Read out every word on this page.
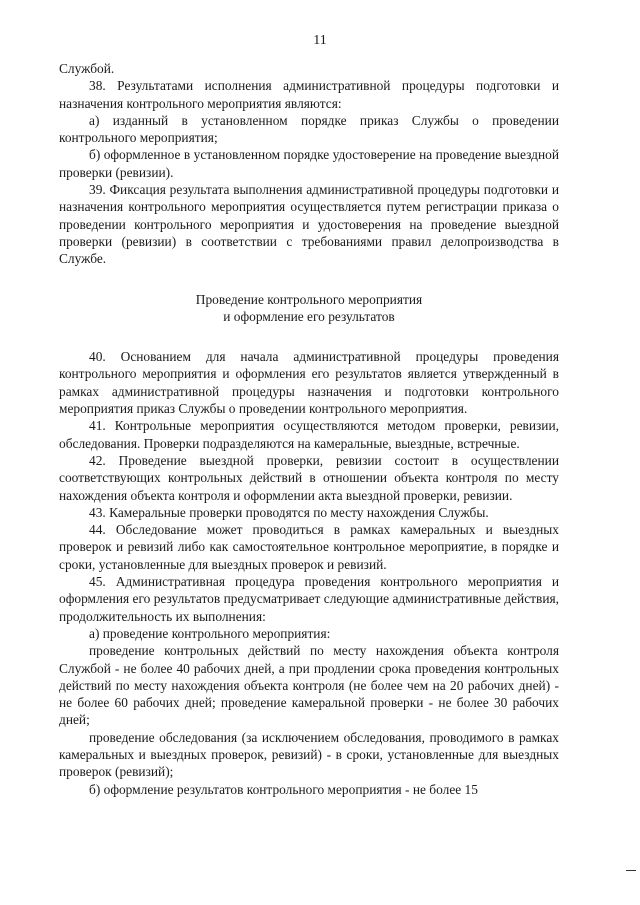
11

Службой.

38. Результатами исполнения административной процедуры подготовки и назначения контрольного мероприятия являются:

а) изданный в установленном порядке приказ Службы о проведении контрольного мероприятия;

б) оформленное в установленном порядке удостоверение на проведение выездной проверки (ревизии).

39. Фиксация результата выполнения административной процедуры подготовки и назначения контрольного мероприятия осуществляется путем регистрации приказа о проведении контрольного мероприятия и удостоверения на проведение выездной проверки (ревизии) в соответствии с требованиями правил делопроизводства в Службе.

Проведение контрольного мероприятия
и оформление его результатов

40. Основанием для начала административной процедуры проведения контрольного мероприятия и оформления его результатов является утвержденный в рамках административной процедуры назначения и подготовки контрольного мероприятия приказ Службы о проведении контрольного мероприятия.

41. Контрольные мероприятия осуществляются методом проверки, ревизии, обследования. Проверки подразделяются на камеральные, выездные, встречные.

42. Проведение выездной проверки, ревизии состоит в осуществлении соответствующих контрольных действий в отношении объекта контроля по месту нахождения объекта контроля и оформлении акта выездной проверки, ревизии.

43. Камеральные проверки проводятся по месту нахождения Службы.

44. Обследование может проводиться в рамках камеральных и выездных проверок и ревизий либо как самостоятельное контрольное мероприятие, в порядке и сроки, установленные для выездных проверок и ревизий.

45. Административная процедура проведения контрольного мероприятия и оформления его результатов предусматривает следующие административные действия, продолжительность их выполнения:

а) проведение контрольного мероприятия:

проведение контрольных действий по месту нахождения объекта контроля Службой - не более 40 рабочих дней, а при продлении срока проведения контрольных действий по месту нахождения объекта контроля (не более чем на 20 рабочих дней) - не более 60 рабочих дней; проведение камеральной проверки - не более 30 рабочих дней;

проведение обследования (за исключением обследования, проводимого в рамках камеральных и выездных проверок, ревизий) - в сроки, установленные для выездных проверок (ревизий);

б) оформление результатов контрольного мероприятия - не более 15
